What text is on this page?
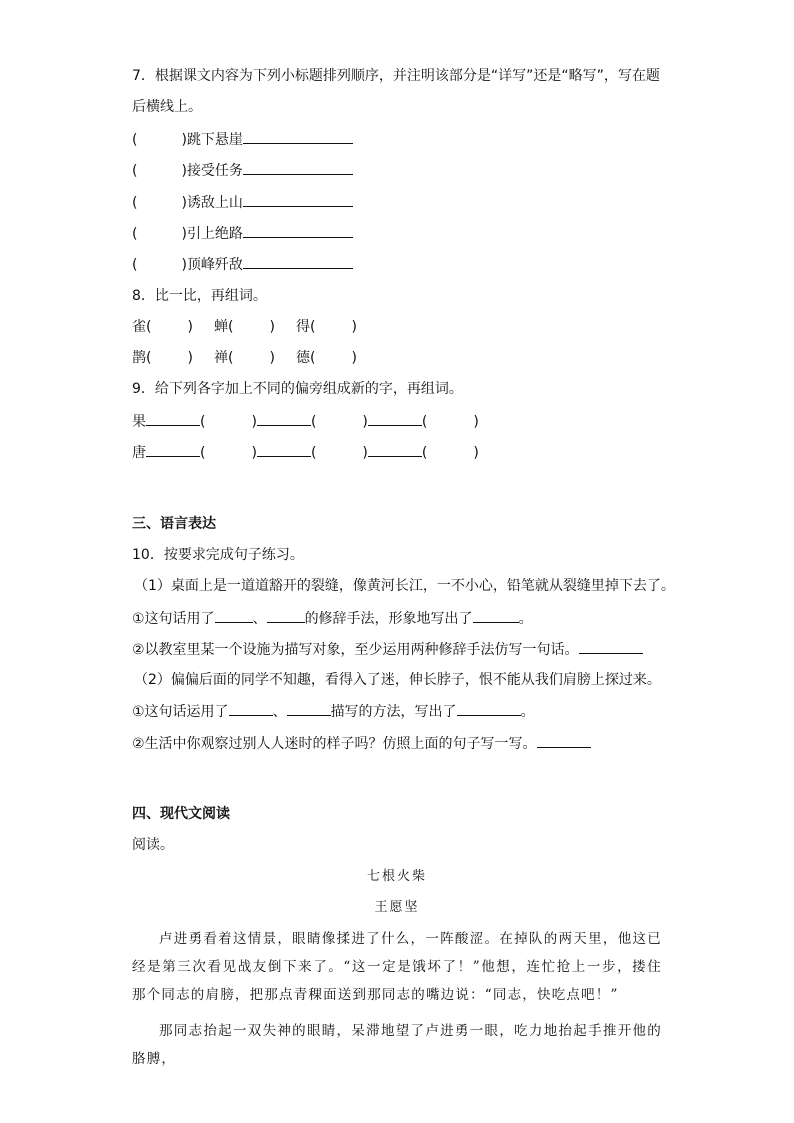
7．根据课文内容为下列小标题排列顺序，并注明该部分是“详写”还是“略写”，写在题
后横线上。
(	)跳下悬崖
(	)接受任务
(	)诱敌上山
(	)引上绝路
(	)顶峰歼敌
8．比一比，再组词。
雀(	) 蝉(	) 得(	)
鹊(	) 禅(	) 德(	)
9．给下列各字加上不同的偏旁组成新的字，再组词。
果	(	)	(	)	(	)
唐	(	)	(	)	(	)
三、语言表达
10．按要求完成句子练习。
（1）桌面上是一道道豁开的裂缝，像黄河长江，一不小心，铅笔就从裂缝里掉下去了。
①这句话用了	、	的修辞手法，形象地写出了	。
②以教室里某一个设施为描写对象，至少运用两种修辞手法仿写一句话。
（2）偏偏后面的同学不知趣，看得入了迷，伸长脖子，恨不能从我们肩膀上探过来。
①这句话运用了	、	描写的方法，写出了	。
②生活中你观察过别人人迷时的样子吗？仿照上面的句子写一写。
四、现代文阅读
阅读。
七根火柴
王愿坚
卢进勇看着这情景，眼睛像揉进了什么，一阵酸涩。在掉队的两天里，他这已经是第三次看见战友倒下来了。“这一定是饿坏了！”他想，连忙抢上一步，搂住那个同志的肩膀，把那点青稞面送到那同志的嘴边说：“同志，快吃点吧！”
那同志抬起一双失神的眼睛，呆滞地望了卢进勇一眼，吃力地抬起手推开他的胳膊，
